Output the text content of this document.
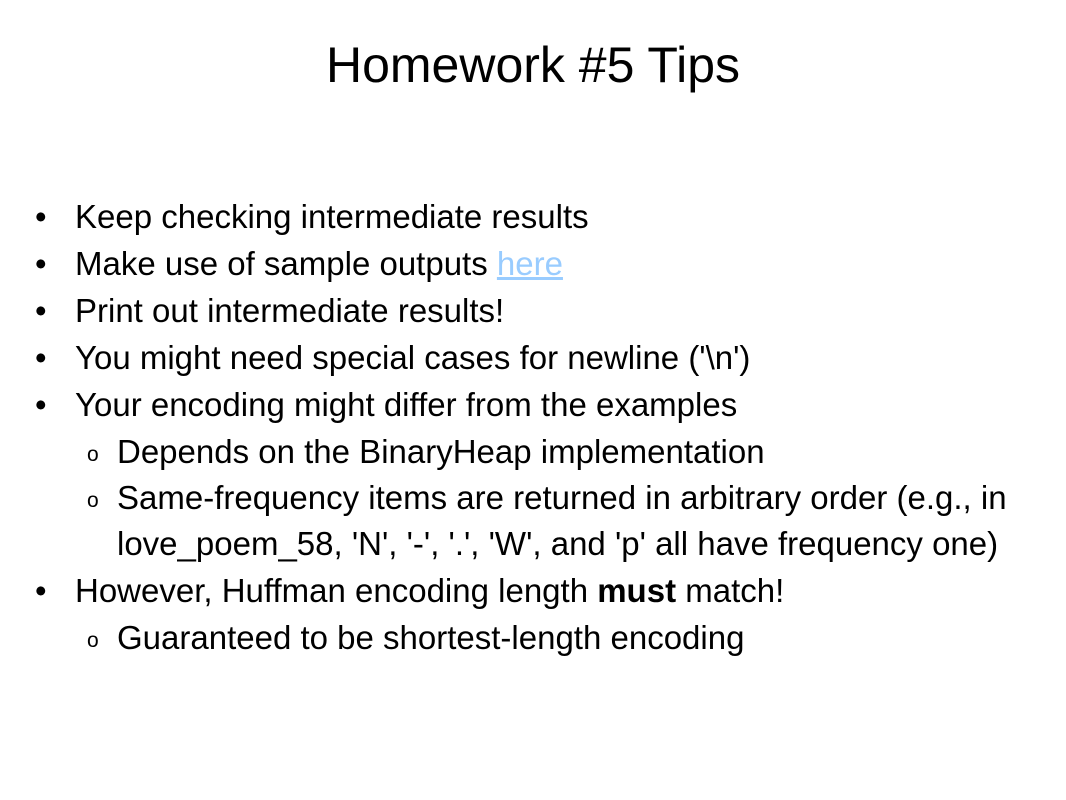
Homework #5 Tips
• Keep checking intermediate results
• Make use of sample outputs here
• Print out intermediate results!
• You might need special cases for newline ('\n')
• Your encoding might differ from the examples
o Depends on the BinaryHeap implementation
o Same-frequency items are returned in arbitrary order (e.g., in love_poem_58, 'N', '-', '.', 'W', and 'p' all have frequency one)
• However, Huffman encoding length must match!
o Guaranteed to be shortest-length encoding
